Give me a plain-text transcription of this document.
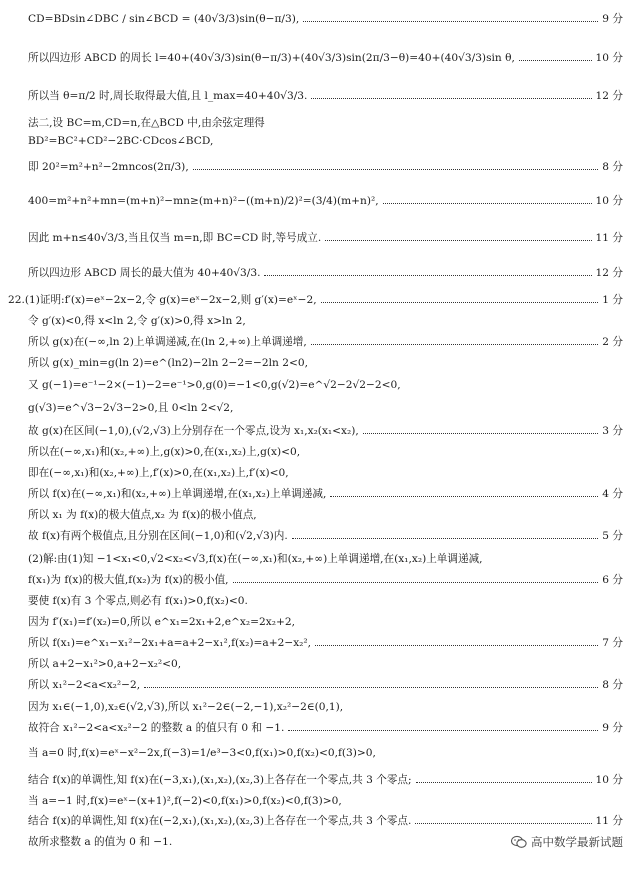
CD=BDsin∠DBC / sin∠BCD = (40√3/3)sin(θ−π/3),	9 分
所以四边形 ABCD 的周长 l=40+(40√3/3)sin(θ−π/3)+(40√3/3)sin(2π/3−θ)=40+(40√3/3)sin θ,	10 分
所以当 θ=π/2 时,周长取得最大值,且 l_max=40+40√3/3.	12 分
法二,设 BC=m,CD=n,在△BCD 中,由余弦定理得
BD²=BC²+CD²−2BC·CDcos∠BCD,
即 20²=m²+n²−2mncos(2π/3),	8 分
400=m²+n²+mn=(m+n)²−mn≥(m+n)²−((m+n)/2)²=(3/4)(m+n)²,	10 分
因此 m+n≤40√3/3,当且仅当 m=n,即 BC=CD 时,等号成立.	11 分
所以四边形 ABCD 周长的最大值为 40+40√3/3.	12 分
22.(1)证明:f′(x)=eˣ−2x−2,令 g(x)=eˣ−2x−2,则 g′(x)=eˣ−2,	1 分
令 g′(x)<0,得 x<ln 2,令 g′(x)>0,得 x>ln 2,
所以 g(x)在(−∞,ln 2)上单调递减,在(ln 2,+∞)上单调递增,	2 分
所以 g(x)_min=g(ln 2)=e^(ln2)−2ln 2−2=−2ln 2<0,
又 g(−1)=e⁻¹−2×(−1)−2=e⁻¹>0,g(0)=−1<0,g(√2)=e^√2−2√2−2<0,
g(√3)=e^√3−2√3−2>0,且 0<ln 2<√2,
故 g(x)在区间(−1,0),(√2,√3)上分别存在一个零点,设为 x₁,x₂(x₁<x₂),	3 分
所以在(−∞,x₁)和(x₂,+∞)上,g(x)>0,在(x₁,x₂)上,g(x)<0,
即在(−∞,x₁)和(x₂,+∞)上,f′(x)>0,在(x₁,x₂)上,f′(x)<0,
所以 f(x)在(−∞,x₁)和(x₂,+∞)上单调递增,在(x₁,x₂)上单调递减,	4 分
所以 x₁ 为 f(x)的极大值点,x₂ 为 f(x)的极小值点,
故 f(x)有两个极值点,且分别在区间(−1,0)和(√2,√3)内.	5 分
(2)解:由(1)知 −1<x₁<0,√2<x₂<√3,f(x)在(−∞,x₁)和(x₂,+∞)上单调递增,在(x₁,x₂)上单调递减,
f(x₁)为 f(x)的极大值,f(x₂)为 f(x)的极小值,	6 分
要使 f(x)有 3 个零点,则必有 f(x₁)>0,f(x₂)<0.
因为 f′(x₁)=f′(x₂)=0,所以 e^x₁=2x₁+2,e^x₂=2x₂+2,
所以 f(x₁)=e^x₁−x₁²−2x₁+a=a+2−x₁²,f(x₂)=a+2−x₂²,	7 分
所以 a+2−x₁²>0,a+2−x₂²<0,
所以 x₁²−2<a<x₂²−2,	8 分
因为 x₁∈(−1,0),x₂∈(√2,√3),所以 x₁²−2∈(−2,−1),x₂²−2∈(0,1),
故符合 x₁²−2<a<x₂²−2 的整数 a 的值只有 0 和 −1.	9 分
当 a=0 时,f(x)=eˣ−x²−2x,f(−3)=1/e³−3<0,f(x₁)>0,f(x₂)<0,f(3)>0,
结合 f(x)的单调性,知 f(x)在(−3,x₁),(x₁,x₂),(x₂,3)上各存在一个零点,共 3 个零点;	10 分
当 a=−1 时,f(x)=eˣ−(x+1)²,f(−2)<0,f(x₁)>0,f(x₂)<0,f(3)>0,
结合 f(x)的单调性,知 f(x)在(−2,x₁),(x₁,x₂),(x₂,3)上各存在一个零点,共 3 个零点.	11 分
故所求整数 a 的值为 0 和 −1.	高中数学最新试题
